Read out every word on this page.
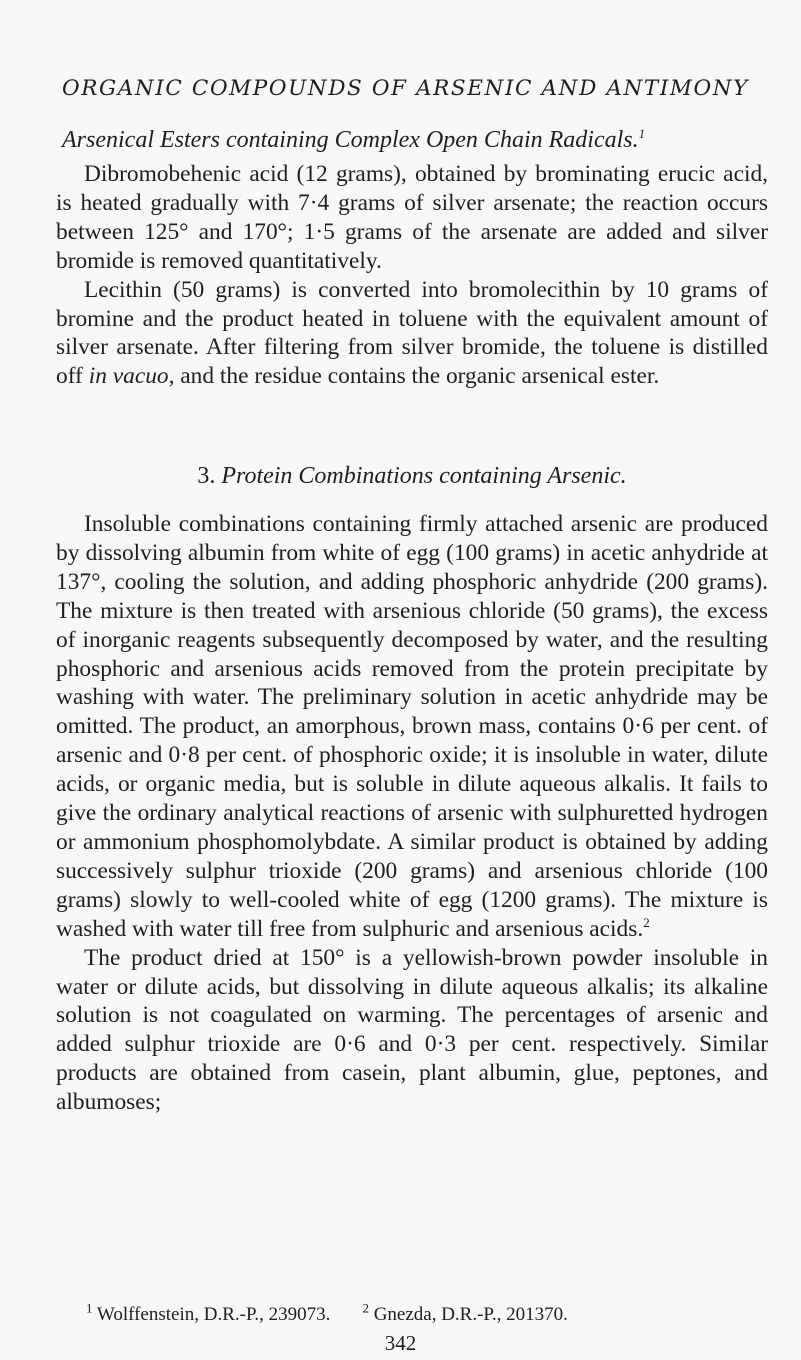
ORGANIC COMPOUNDS OF ARSENIC AND ANTIMONY
Arsenical Esters containing Complex Open Chain Radicals.$^1$

Dibromobehenic acid (12 grams), obtained by brominating erucic acid, is heated gradually with 7·4 grams of silver arsenate; the reaction occurs between 125° and 170°; 1·5 grams of the arsenate are added and silver bromide is removed quantitatively.

Lecithin (50 grams) is converted into bromolecithin by 10 grams of bromine and the product heated in toluene with the equivalent amount of silver arsenate. After filtering from silver bromide, the toluene is distilled off in vacuo, and the residue contains the organic arsenical ester.

3. Protein Combinations containing Arsenic.

Insoluble combinations containing firmly attached arsenic are produced by dissolving albumin from white of egg (100 grams) in acetic anhydride at 137°, cooling the solution, and adding phosphoric anhydride (200 grams). The mixture is then treated with arsenious chloride (50 grams), the excess of inorganic reagents subsequently decomposed by water, and the resulting phosphoric and arsenious acids removed from the protein precipitate by washing with water. The preliminary solution in acetic anhydride may be omitted. The product, an amorphous, brown mass, contains 0·6 per cent. of arsenic and 0·8 per cent. of phosphoric oxide; it is insoluble in water, dilute acids, or organic media, but is soluble in dilute aqueous alkalis. It fails to give the ordinary analytical reactions of arsenic with sulphuretted hydrogen or ammonium phosphomolybdate. A similar product is obtained by adding successively sulphur trioxide (200 grams) and arsenious chloride (100 grams) slowly to well-cooled white of egg (1200 grams). The mixture is washed with water till free from sulphuric and arsenious acids.$^2$

The product dried at 150° is a yellowish-brown powder insoluble in water or dilute acids, but dissolving in dilute aqueous alkalis; its alkaline solution is not coagulated on warming. The percentages of arsenic and added sulphur trioxide are 0·6 and 0·3 per cent. respectively. Similar products are obtained from casein, plant albumin, glue, peptones, and albumoses;

$^1$ Wolffenstein, D.R.-P., 239073. $^2$ Gnezda, D.R.-P., 201370.
342
